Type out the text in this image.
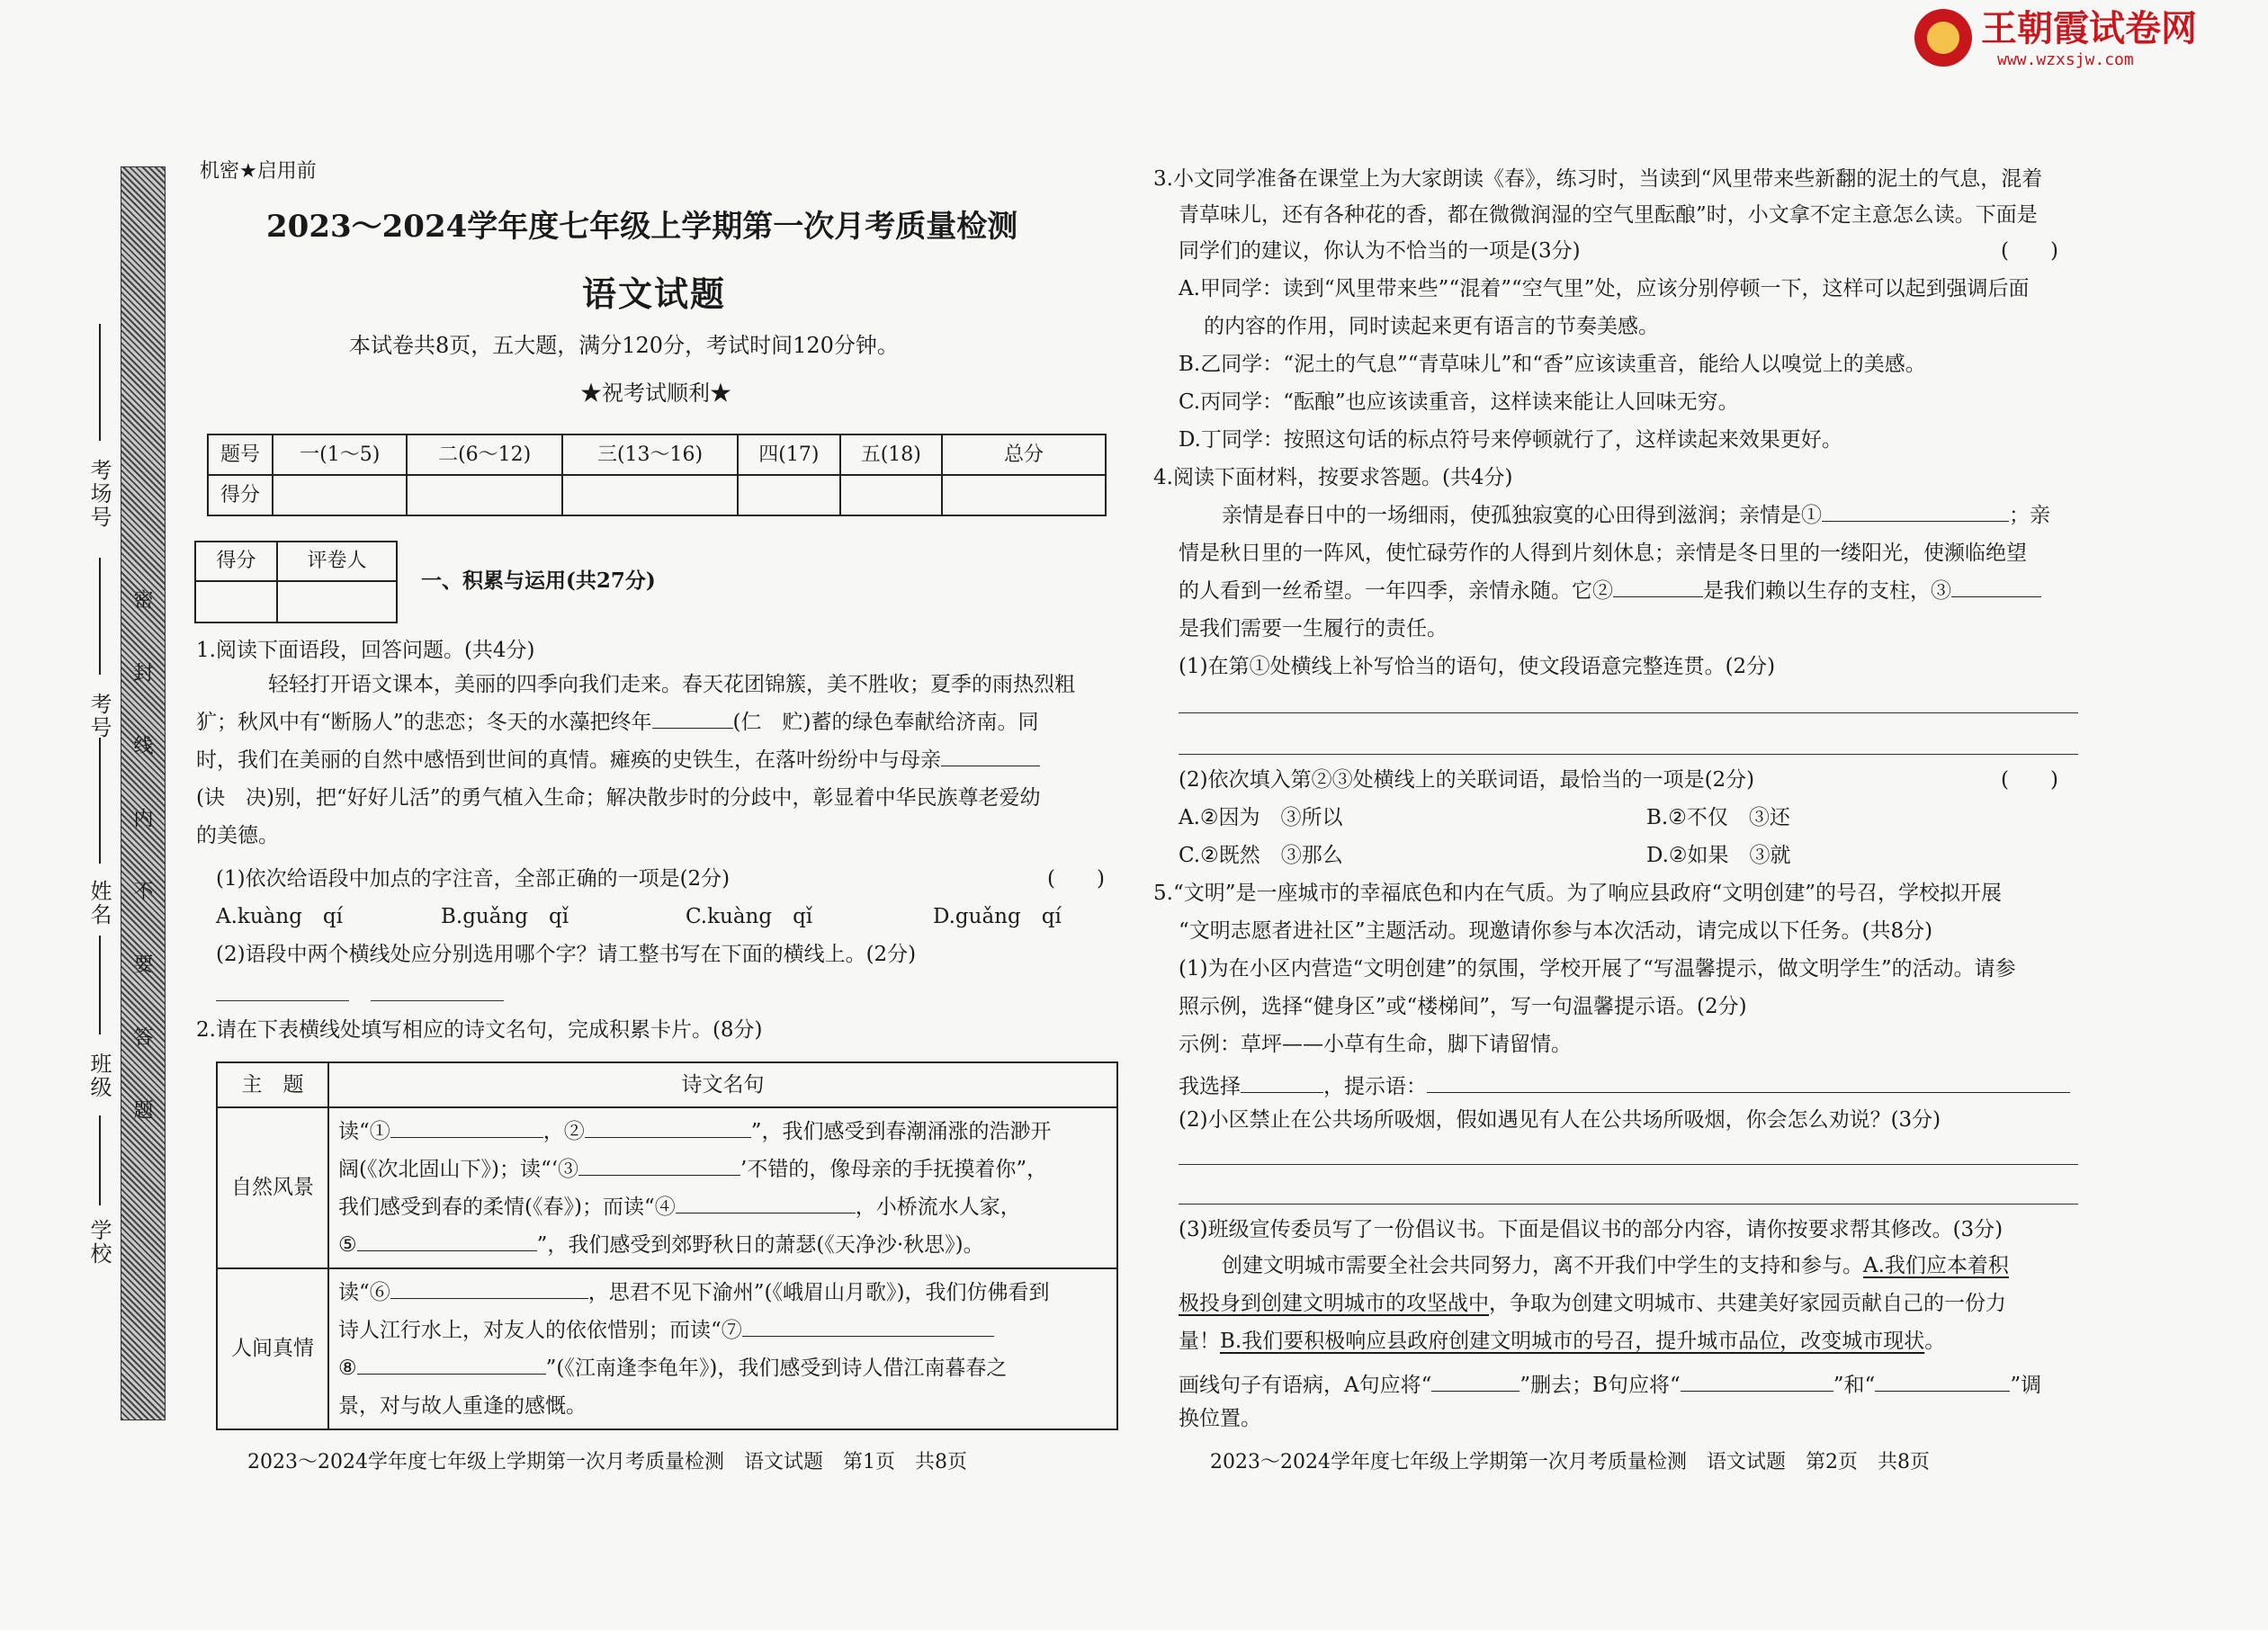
王朝霞试卷网
www.wzxsjw.com
学校
班级
姓名
考号
考场号
密 封 线 内 不 要 答 题
机密★启用前
2023～2024学年度七年级上学期第一次月考质量检测
语文试题
本试卷共8页，五大题，满分120分，考试时间120分钟。
★祝考试顺利★
题号	一(1～5)	二(6～12)	三(13～16)	四(17)	五(18)	总分
得分						
得分	评卷人

一、积累与运用(共27分)
1.阅读下面语段，回答问题。(共4分)
轻轻打开语文课本，美丽的四季向我们走来。春天花团锦簇，美不胜收；夏季的雨热烈粗
犷；秋风中有“断肠人”的悲恋；冬天的水藻把终年	(仁　贮)蓄的绿色奉献给济南。同
时，我们在美丽的自然中感悟到世间的真情。瘫痪的史铁生，在落叶纷纷中与母亲
(诀　决)别，把“好好儿活”的勇气植入生命；解决散步时的分歧中，彰显着中华民族尊老爱幼
的美德。
(1)依次给语段中加点的字注音，全部正确的一项是(2分)	(　　)
A.kuàng　qí	B.guǎng　qǐ	C.kuàng　qǐ	D.guǎng　qí
(2)语段中两个横线处应分别选用哪个字？请工整书写在下面的横线上。(2分)
2.请在下表横线处填写相应的诗文名句，完成积累卡片。(8分)
主　题	诗文名句
自然风景	读“① ，② ”，我们感受到春潮涌涨的浩渺开
阔(《次北固山下》)；读“‘③ ’不错的，像母亲的手抚摸着你”，
我们感受到春的柔情(《春》)；而读“④ ，小桥流水人家，
⑤ ”，我们感受到郊野秋日的萧瑟(《天净沙·秋思》)。

人间真情	读“⑥ ，思君不见下渝州”(《峨眉山月歌》)，我们仿佛看到
诗人江行水上，对友人的依依惜别；而读“⑦
⑧ ”(《江南逢李龟年》)，我们感受到诗人借江南暮春之
景，对与故人重逢的感慨。
2023～2024学年度七年级上学期第一次月考质量检测　语文试题　第1页　共8页
3.小文同学准备在课堂上为大家朗读《春》，练习时，当读到“风里带来些新翻的泥土的气息，混着
青草味儿，还有各种花的香，都在微微润湿的空气里酝酿”时，小文拿不定主意怎么读。下面是
同学们的建议，你认为不恰当的一项是(3分)	(　　)
A.甲同学：读到“风里带来些”“混着”“空气里”处，应该分别停顿一下，这样可以起到强调后面
的内容的作用，同时读起来更有语言的节奏美感。
B.乙同学：“泥土的气息”“青草味儿”和“香”应该读重音，能给人以嗅觉上的美感。
C.丙同学：“酝酿”也应该读重音，这样读来能让人回味无穷。
D.丁同学：按照这句话的标点符号来停顿就行了，这样读起来效果更好。
4.阅读下面材料，按要求答题。(共4分)
亲情是春日中的一场细雨，使孤独寂寞的心田得到滋润；亲情是①	；亲
情是秋日里的一阵风，使忙碌劳作的人得到片刻休息；亲情是冬日里的一缕阳光，使濒临绝望
的人看到一丝希望。一年四季，亲情永随。它②	是我们赖以生存的支柱，③
是我们需要一生履行的责任。
(1)在第①处横线上补写恰当的语句，使文段语意完整连贯。(2分)
(2)依次填入第②③处横线上的关联词语，最恰当的一项是(2分)	(　　)
A.②因为　③所以	B.②不仅　③还
C.②既然　③那么	D.②如果　③就
5.“文明”是一座城市的幸福底色和内在气质。为了响应县政府“文明创建”的号召，学校拟开展
“文明志愿者进社区”主题活动。现邀请你参与本次活动，请完成以下任务。(共8分)
(1)为在小区内营造“文明创建”的氛围，学校开展了“写温馨提示，做文明学生”的活动。请参
照示例，选择“健身区”或“楼梯间”，写一句温馨提示语。(2分)
示例：草坪——小草有生命，脚下请留情。
我选择	，提示语：
(2)小区禁止在公共场所吸烟，假如遇见有人在公共场所吸烟，你会怎么劝说？(3分)
(3)班级宣传委员写了一份倡议书。下面是倡议书的部分内容，请你按要求帮其修改。(3分)
创建文明城市需要全社会共同努力，离不开我们中学生的支持和参与。A.我们应本着积
极投身到创建文明城市的攻坚战中，争取为创建文明城市、共建美好家园贡献自己的一份力
量！B.我们要积极响应县政府创建文明城市的号召，提升城市品位，改变城市现状。
画线句子有语病，A句应将“	”删去；B句应将“	”和“	”调
换位置。
2023～2024学年度七年级上学期第一次月考质量检测　语文试题　第2页　共8页
